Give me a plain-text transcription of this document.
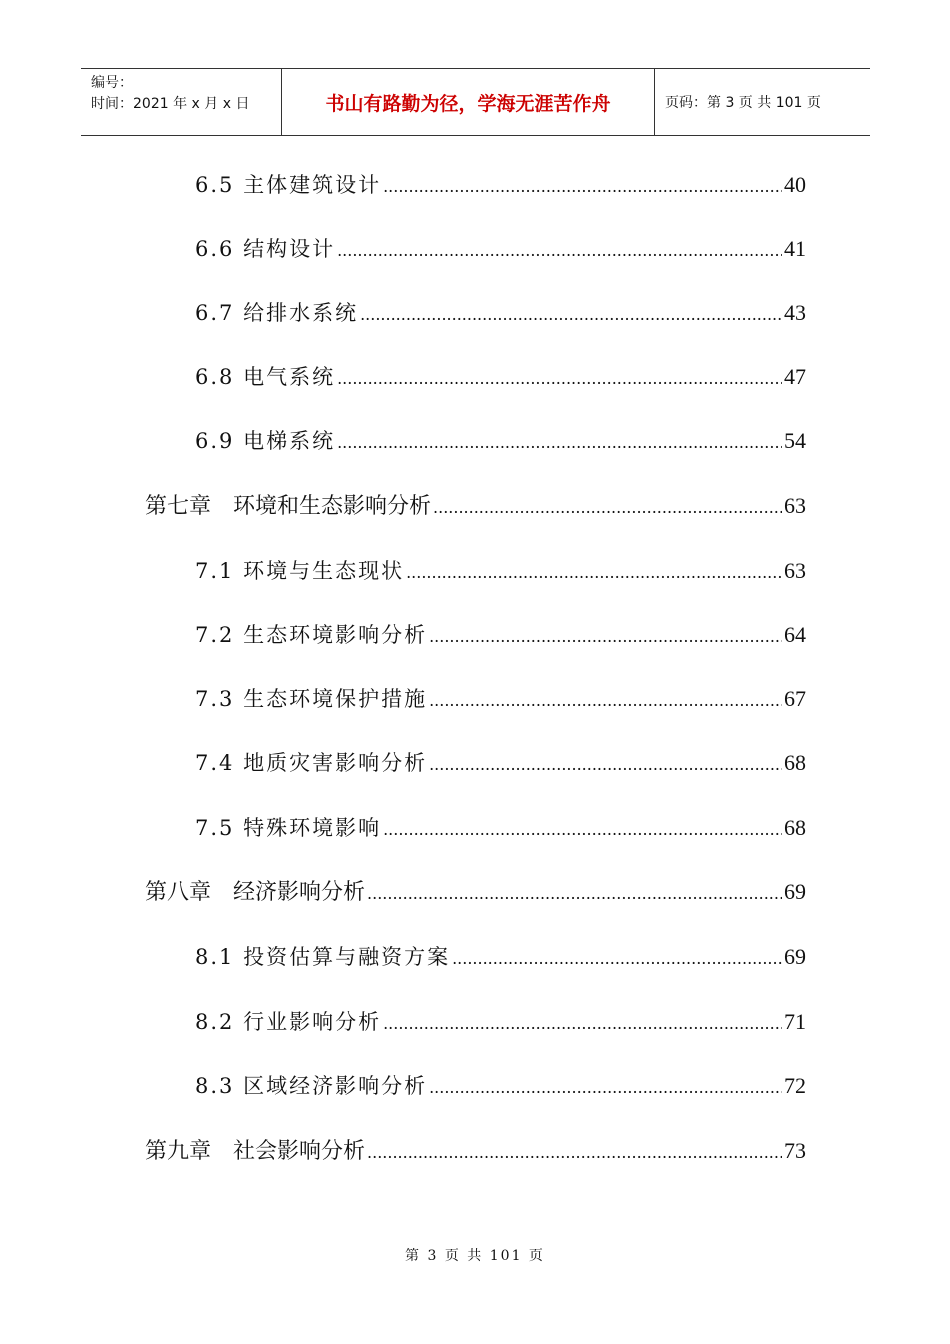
编号：
时间：2021 年 x 月 x 日	书山有路勤为径，学海无涯苦作舟	页码：第 3 页 共 101 页
6.5 主体建筑设计 .....	40
6.6 结构设计 .....	41
6.7 给排水系统 .....	43
6.8 电气系统 .....	47
6.9 电梯系统 .....	54
第七章　环境和生态影响分析 .....	63
7.1 环境与生态现状 .....	63
7.2 生态环境影响分析 .....	64
7.3 生态环境保护措施 .....	67
7.4 地质灾害影响分析 .....	68
7.5 特殊环境影响 .....	68
第八章　经济影响分析 .....	69
8.1 投资估算与融资方案 .....	69
8.2 行业影响分析 .....	71
8.3 区域经济影响分析 .....	72
第九章　社会影响分析 .....	73
第 3 页 共 101 页
